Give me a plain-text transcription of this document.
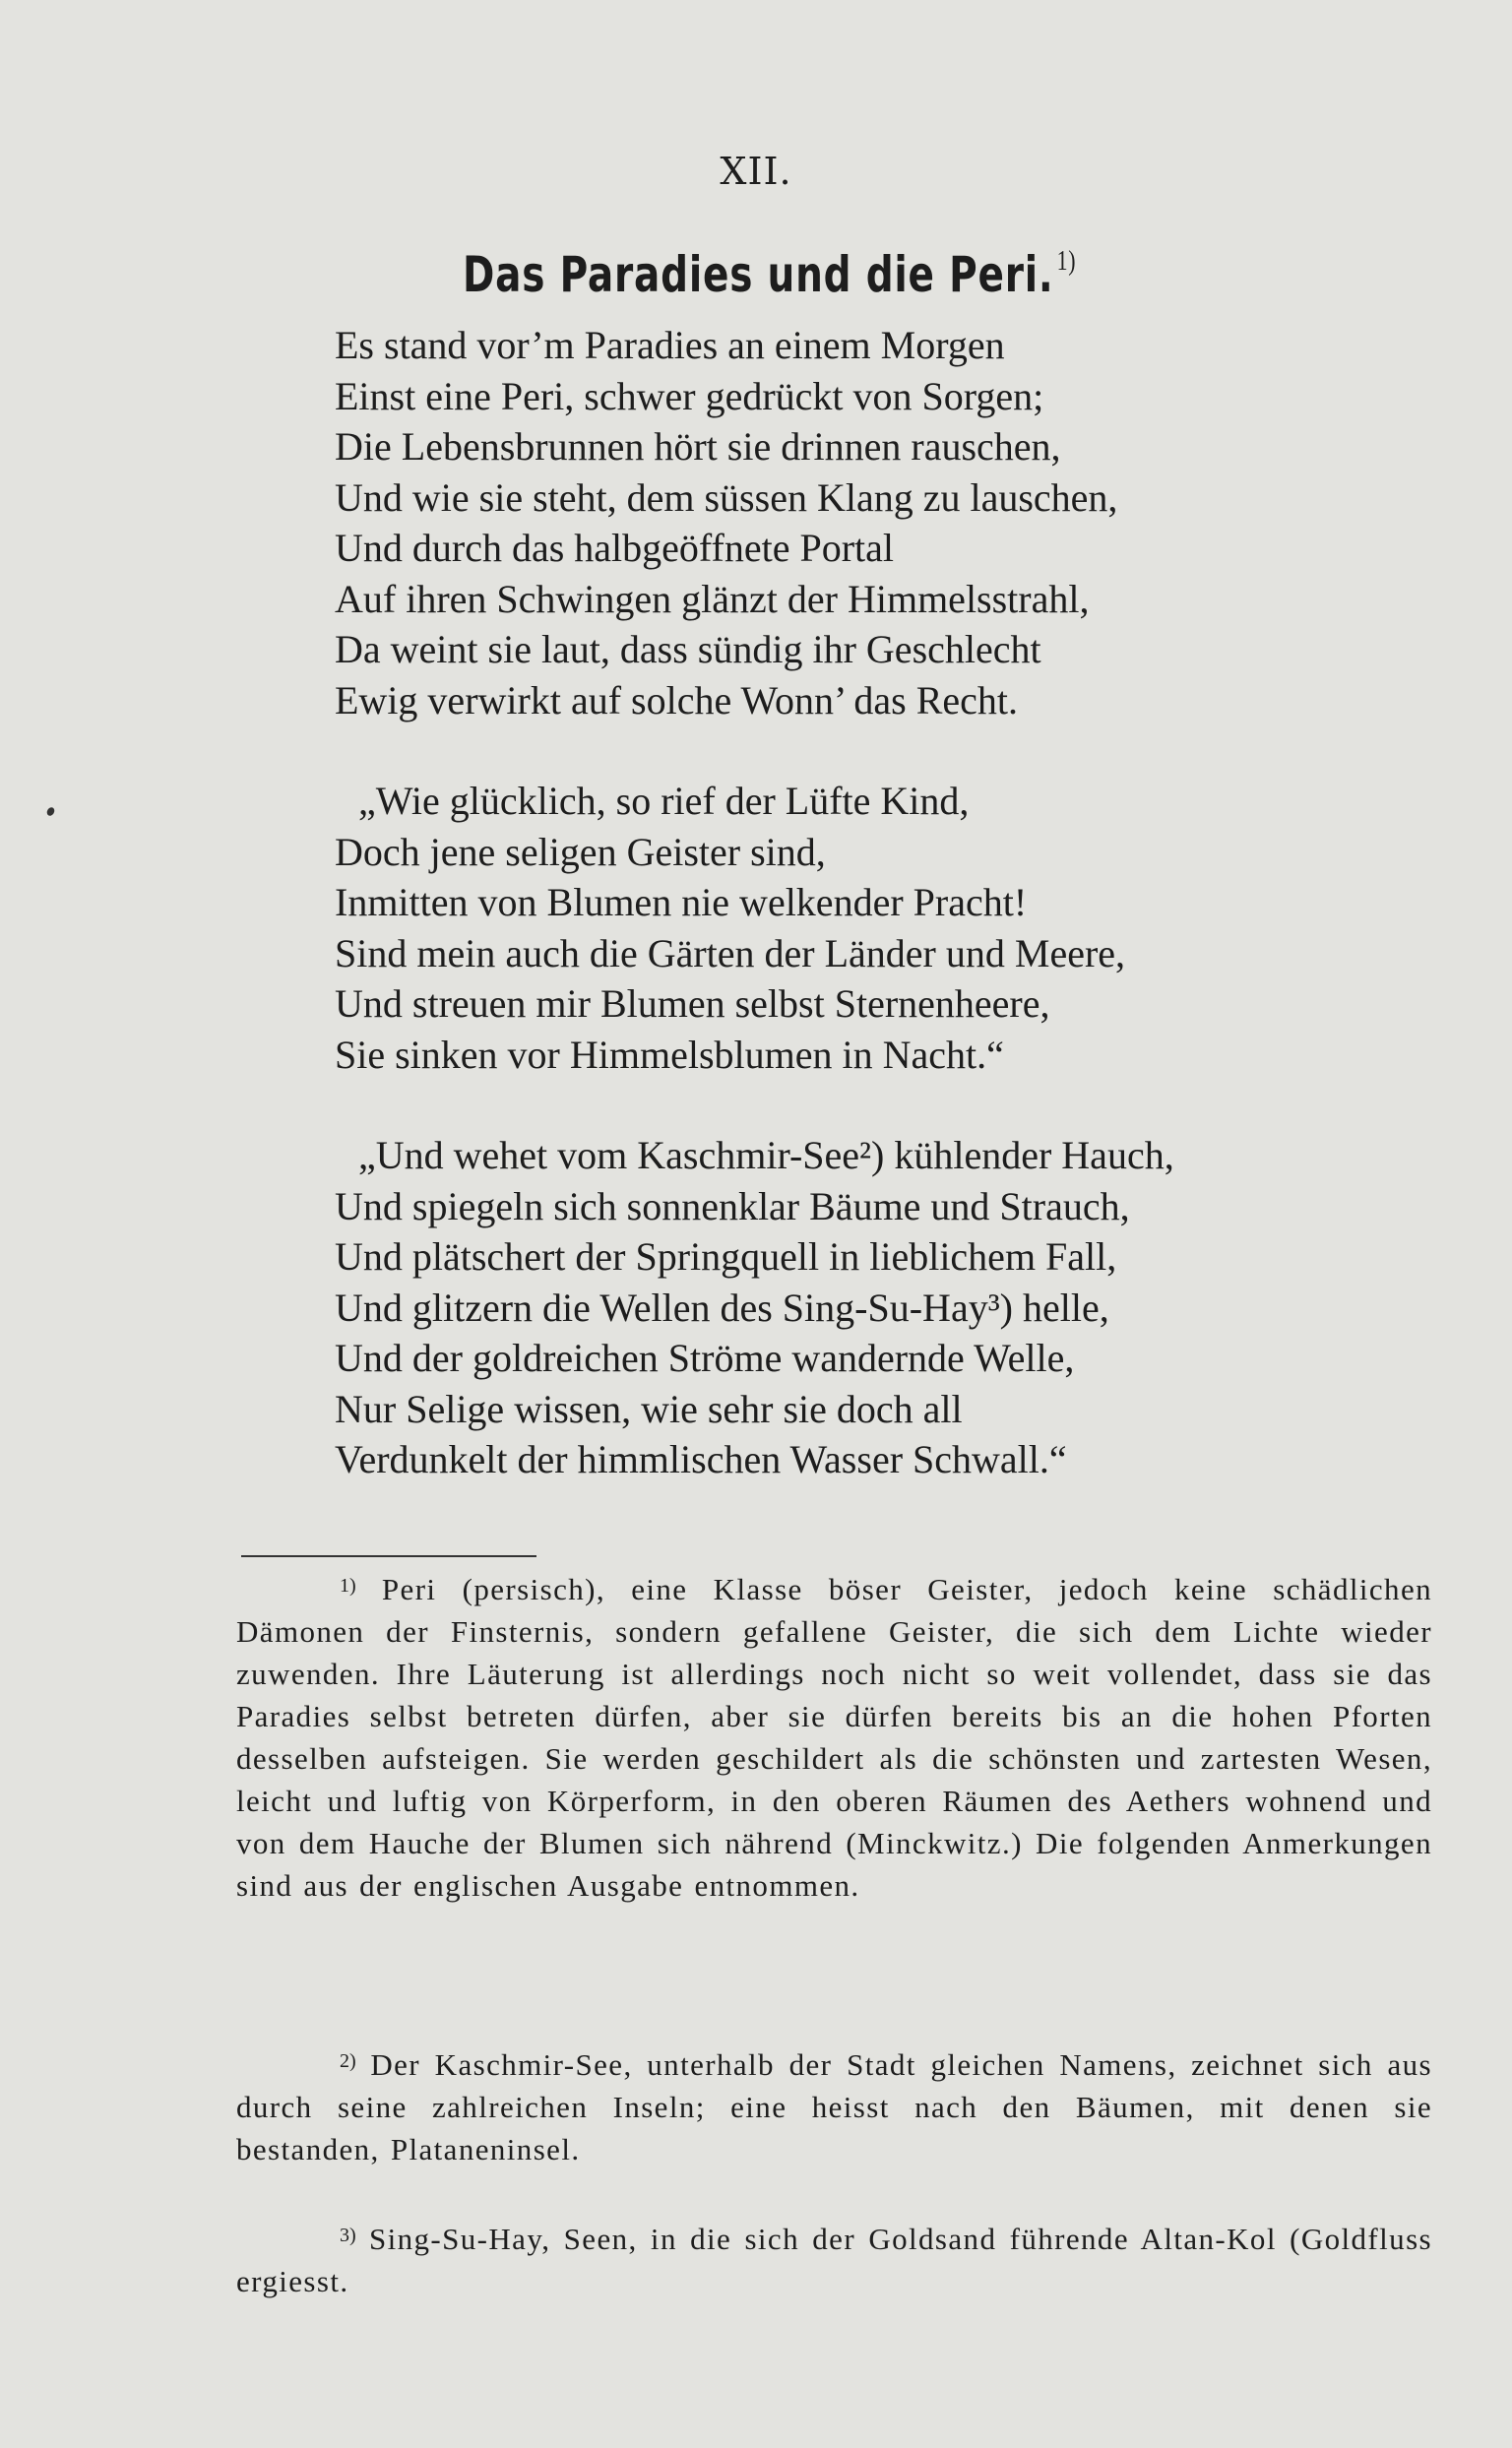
XII.
Das Paradies und die Peri. $^{1)}$
Es stand vor’m Paradies an einem Morgen
Einst eine Peri, schwer gedrückt von Sorgen;
Die Lebensbrunnen hört sie drinnen rauschen,
Und wie sie steht, dem süssen Klang zu lauschen,
Und durch das halbgeöffnete Portal
Auf ihren Schwingen glänzt der Himmelsstrahl,
Da weint sie laut, dass sündig ihr Geschlecht
Ewig verwirkt auf solche Wonn’ das Recht.
„Wie glücklich, so rief der Lüfte Kind,
Doch jene seligen Geister sind,
Inmitten von Blumen nie welkender Pracht!
Sind mein auch die Gärten der Länder und Meere,
Und streuen mir Blumen selbst Sternenheere,
Sie sinken vor Himmelsblumen in Nacht.“
„Und wehet vom Kaschmir-See²) kühlender Hauch,
Und spiegeln sich sonnenklar Bäume und Strauch,
Und plätschert der Springquell in lieblichem Fall,
Und glitzern die Wellen des Sing-Su-Hay³) helle,
Und der goldreichen Ströme wandernde Welle,
Nur Selige wissen, wie sehr sie doch all
Verdunkelt der himmlischen Wasser Schwall.“
$^{1)}$ Peri (persisch), eine Klasse böser Geister, jedoch keine schädlichen Dämonen der Finsternis, sondern gefallene Geister, die sich dem Lichte wieder zuwenden. Ihre Läuterung ist allerdings noch nicht so weit vollendet, dass sie das Paradies selbst betreten dürfen, aber sie dürfen bereits bis an die hohen Pforten desselben aufsteigen. Sie werden geschildert als die schönsten und zartesten Wesen, leicht und luftig von Körperform, in den oberen Räumen des Aethers wohnend und von dem Hauche der Blumen sich nährend (Minckwitz.) Die folgenden Anmerkungen sind aus der englischen Ausgabe entnommen.
$^{2)}$ Der Kaschmir-See, unterhalb der Stadt gleichen Namens, zeichnet sich aus durch seine zahlreichen Inseln; eine heisst nach den Bäumen, mit denen sie bestanden, Plataneninsel.
$^{3)}$ Sing-Su-Hay, Seen, in die sich der Goldsand führende Altan-Kol (Goldfluss ergiesst.
